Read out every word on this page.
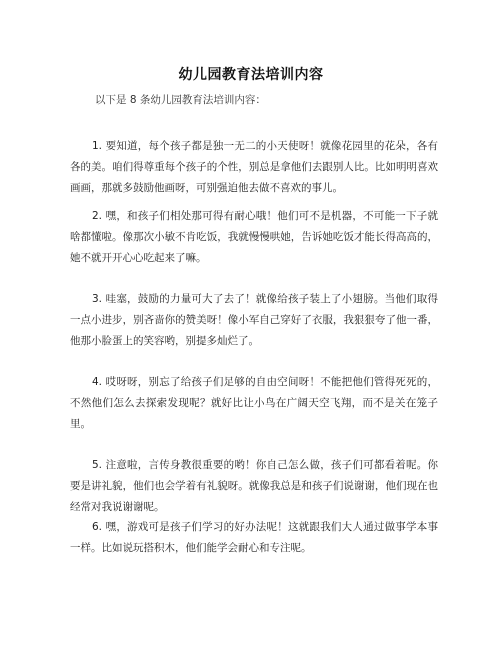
幼儿园教育法培训内容
以下是 8 条幼儿园教育法培训内容：

1. 要知道，每个孩子都是独一无二的小天使呀！就像花园里的花朵，各有各的美。咱们得尊重每个孩子的个性，别总是拿他们去跟别人比。比如明明喜欢画画，那就多鼓励他画呀，可别强迫他去做不喜欢的事儿。

2. 嘿，和孩子们相处那可得有耐心哦！他们可不是机器，不可能一下子就啥都懂啦。像那次小敏不肯吃饭，我就慢慢哄她，告诉她吃饭才能长得高高的，她不就开开心心吃起来了嘛。

3. 哇塞，鼓励的力量可大了去了！就像给孩子装上了小翅膀。当他们取得一点小进步，别吝啬你的赞美呀！像小军自己穿好了衣服，我狠狠夸了他一番，他那小脸蛋上的笑容哟，别提多灿烂了。

4. 哎呀呀，别忘了给孩子们足够的自由空间呀！不能把他们管得死死的，不然他们怎么去探索发现呢？就好比让小鸟在广阔天空飞翔，而不是关在笼子里。

5. 注意啦，言传身教很重要的哟！你自己怎么做，孩子们可都看着呢。你要是讲礼貌，他们也会学着有礼貌呀。就像我总是和孩子们说谢谢，他们现在也经常对我说谢谢呢。

6. 嘿，游戏可是孩子们学习的好办法呢！这就跟我们大人通过做事学本事一样。比如说玩搭积木，他们能学会耐心和专注呢。
